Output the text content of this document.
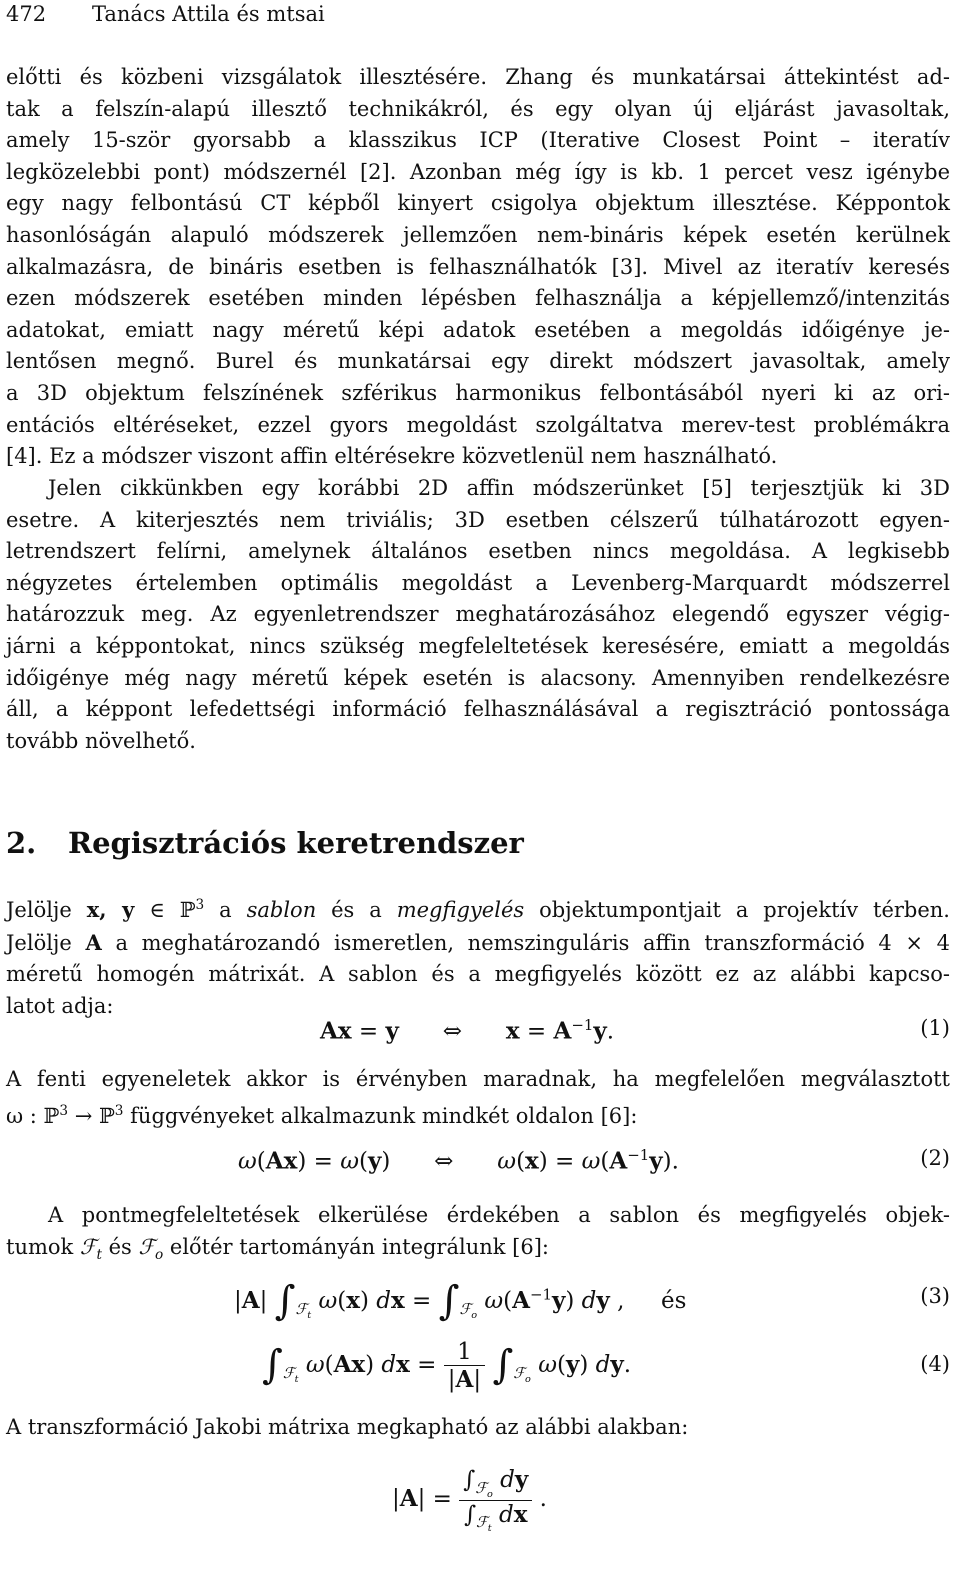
472 Tanács Attila és mtsai
előtti és közbeni vizsgálatok illesztésére. Zhang és munkatársai áttekintést ad-
tak a felszín-alapú illesztő technikákról, és egy olyan új eljárást javasoltak,
amely 15-ször gyorsabb a klasszikus ICP (Iterative Closest Point – iteratív
legközelebbi pont) módszernél [2]. Azonban még így is kb. 1 percet vesz igénybe
egy nagy felbontású CT képből kinyert csigolya objektum illesztése. Képpontok
hasonlóságán alapuló módszerek jellemzően nem-bináris képek esetén kerülnek
alkalmazásra, de bináris esetben is felhasználhatók [3]. Mivel az iteratív keresés
ezen módszerek esetében minden lépésben felhasználja a képjellemző/intenzitás
adatokat, emiatt nagy méretű képi adatok esetében a megoldás időigénye je-
lentősen megnő. Burel és munkatársai egy direkt módszert javasoltak, amely
a 3D objektum felszínének szférikus harmonikus felbontásából nyeri ki az ori-
entációs eltéréseket, ezzel gyors megoldást szolgáltatva merev-test problémákra
[4]. Ez a módszer viszont affin eltérésekre közvetlenül nem használható.
Jelen cikkünkben egy korábbi 2D affin módszerünket [5] terjesztjük ki 3D
esetre. A kiterjesztés nem triviális; 3D esetben célszerű túlhatározott egyen-
letrendszert felírni, amelynek általános esetben nincs megoldása. A legkisebb
négyzetes értelemben optimális megoldást a Levenberg-Marquardt módszerrel
határozzuk meg. Az egyenletrendszer meghatározásához elegendő egyszer végig-
járni a képpontokat, nincs szükség megfeleltetések keresésére, emiatt a megoldás
időigénye még nagy méretű képek esetén is alacsony. Amennyiben rendelkezésre
áll, a képpont lefedettségi információ felhasználásával a regisztráció pontossága
tovább növelhető.
2. Regisztrációs keretrendszer
Jelölje x, y ∈ ℙ$^3$ a sablon és a megfigyelés objektumpontjait a projektív térben.
Jelölje A a meghatározandó ismeretlen, nemszinguláris affin transzformáció 4 × 4
méretű homogén mátrixát. A sablon és a megfigyelés között ez az alábbi kapcso-
latot adja:
Ax = y      ⇔      $x = A^{-1}y$.	(1)
A fenti egyeneletek akkor is érvényben maradnak, ha megfelelően megválasztott
ω : ℙ$^3$ → ℙ$^3$ függvényeket alkalmazunk mindkét oldalon [6]:
ω(Ax) = ω(y)      ⇔      $\omega(x) = \omega(A^{-1}y)$.	(2)
A pontmegfeleltetések elkerülése érdekében a sablon és megfigyelés objek-
tumok ℱ$_t$ és ℱ$_o$ előtér tartományán integrálunk [6]:
|A| $\int_{ℱ_t}$ ω(x) dx = $\int_{ℱ_o}$ $\omega(A^{-1}y)$ dy ,     és	(3)
$\int_{ℱ_t}$ ω(Ax) dx = $\frac{1}{|A|} \int_{ℱ_o}$ ω(y) dy.	(4)
A transzformáció Jakobi mátrixa megkapható az alábbi alakban:
$|A| = \frac{\int_{ℱ_o} dy}{\int_{ℱ_t} dx}$ .
